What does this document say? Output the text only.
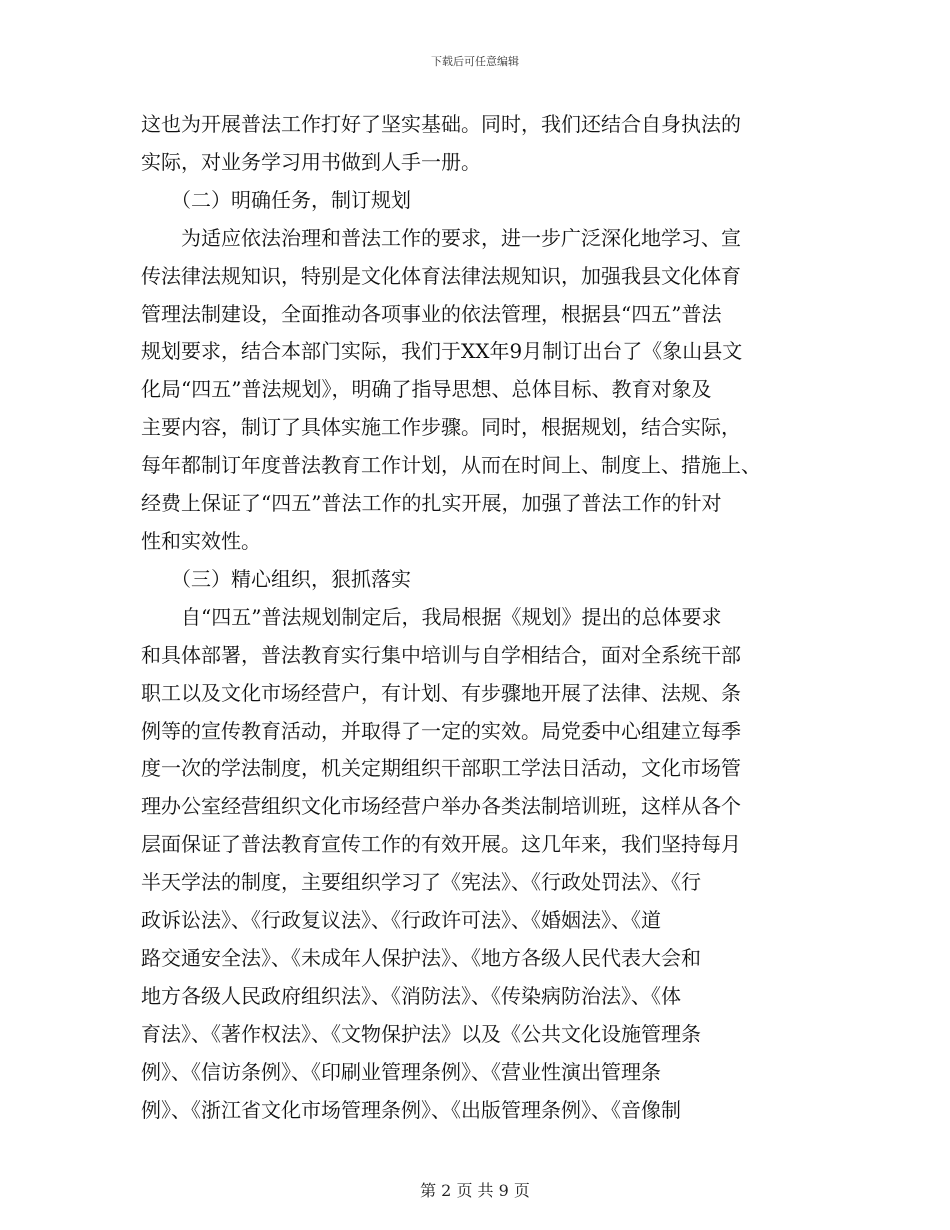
下载后可任意编辑

这也为开展普法工作打好了坚实基础。同时，我们还结合自身执法的
实际，对业务学习用书做到人手一册。

　　（二）明确任务，制订规划

　　为适应依法治理和普法工作的要求，进一步广泛深化地学习、宣
传法律法规知识，特别是文化体育法律法规知识，加强我县文化体育
管理法制建设，全面推动各项事业的依法管理，根据县“四五”普法
规划要求，结合本部门实际，我们于XX年9月制订出台了《象山县文
化局“四五”普法规划》，明确了指导思想、总体目标、教育对象及
主要内容，制订了具体实施工作步骤。同时，根据规划，结合实际，
每年都制订年度普法教育工作计划，从而在时间上、制度上、措施上、
经费上保证了“四五”普法工作的扎实开展，加强了普法工作的针对
性和实效性。

　　（三）精心组织，狠抓落实

　　自“四五”普法规划制定后，我局根据《规划》提出的总体要求
和具体部署，普法教育实行集中培训与自学相结合，面对全系统干部
职工以及文化市场经营户，有计划、有步骤地开展了法律、法规、条
例等的宣传教育活动，并取得了一定的实效。局党委中心组建立每季
度一次的学法制度，机关定期组织干部职工学法日活动，文化市场管
理办公室经营组织文化市场经营户举办各类法制培训班，这样从各个
层面保证了普法教育宣传工作的有效开展。这几年来，我们坚持每月
半天学法的制度，主要组织学习了《宪法》、《行政处罚法》、《行
政诉讼法》、《行政复议法》、《行政许可法》、《婚姻法》、《道
路交通安全法》、《未成年人保护法》、《地方各级人民代表大会和
地方各级人民政府组织法》、《消防法》、《传染病防治法》、《体
育法》、《著作权法》、《文物保护法》以及《公共文化设施管理条
例》、《信访条例》、《印刷业管理条例》、《营业性演出管理条
例》、《浙江省文化市场管理条例》、《出版管理条例》、《音像制

第 2 页 共 9 页
